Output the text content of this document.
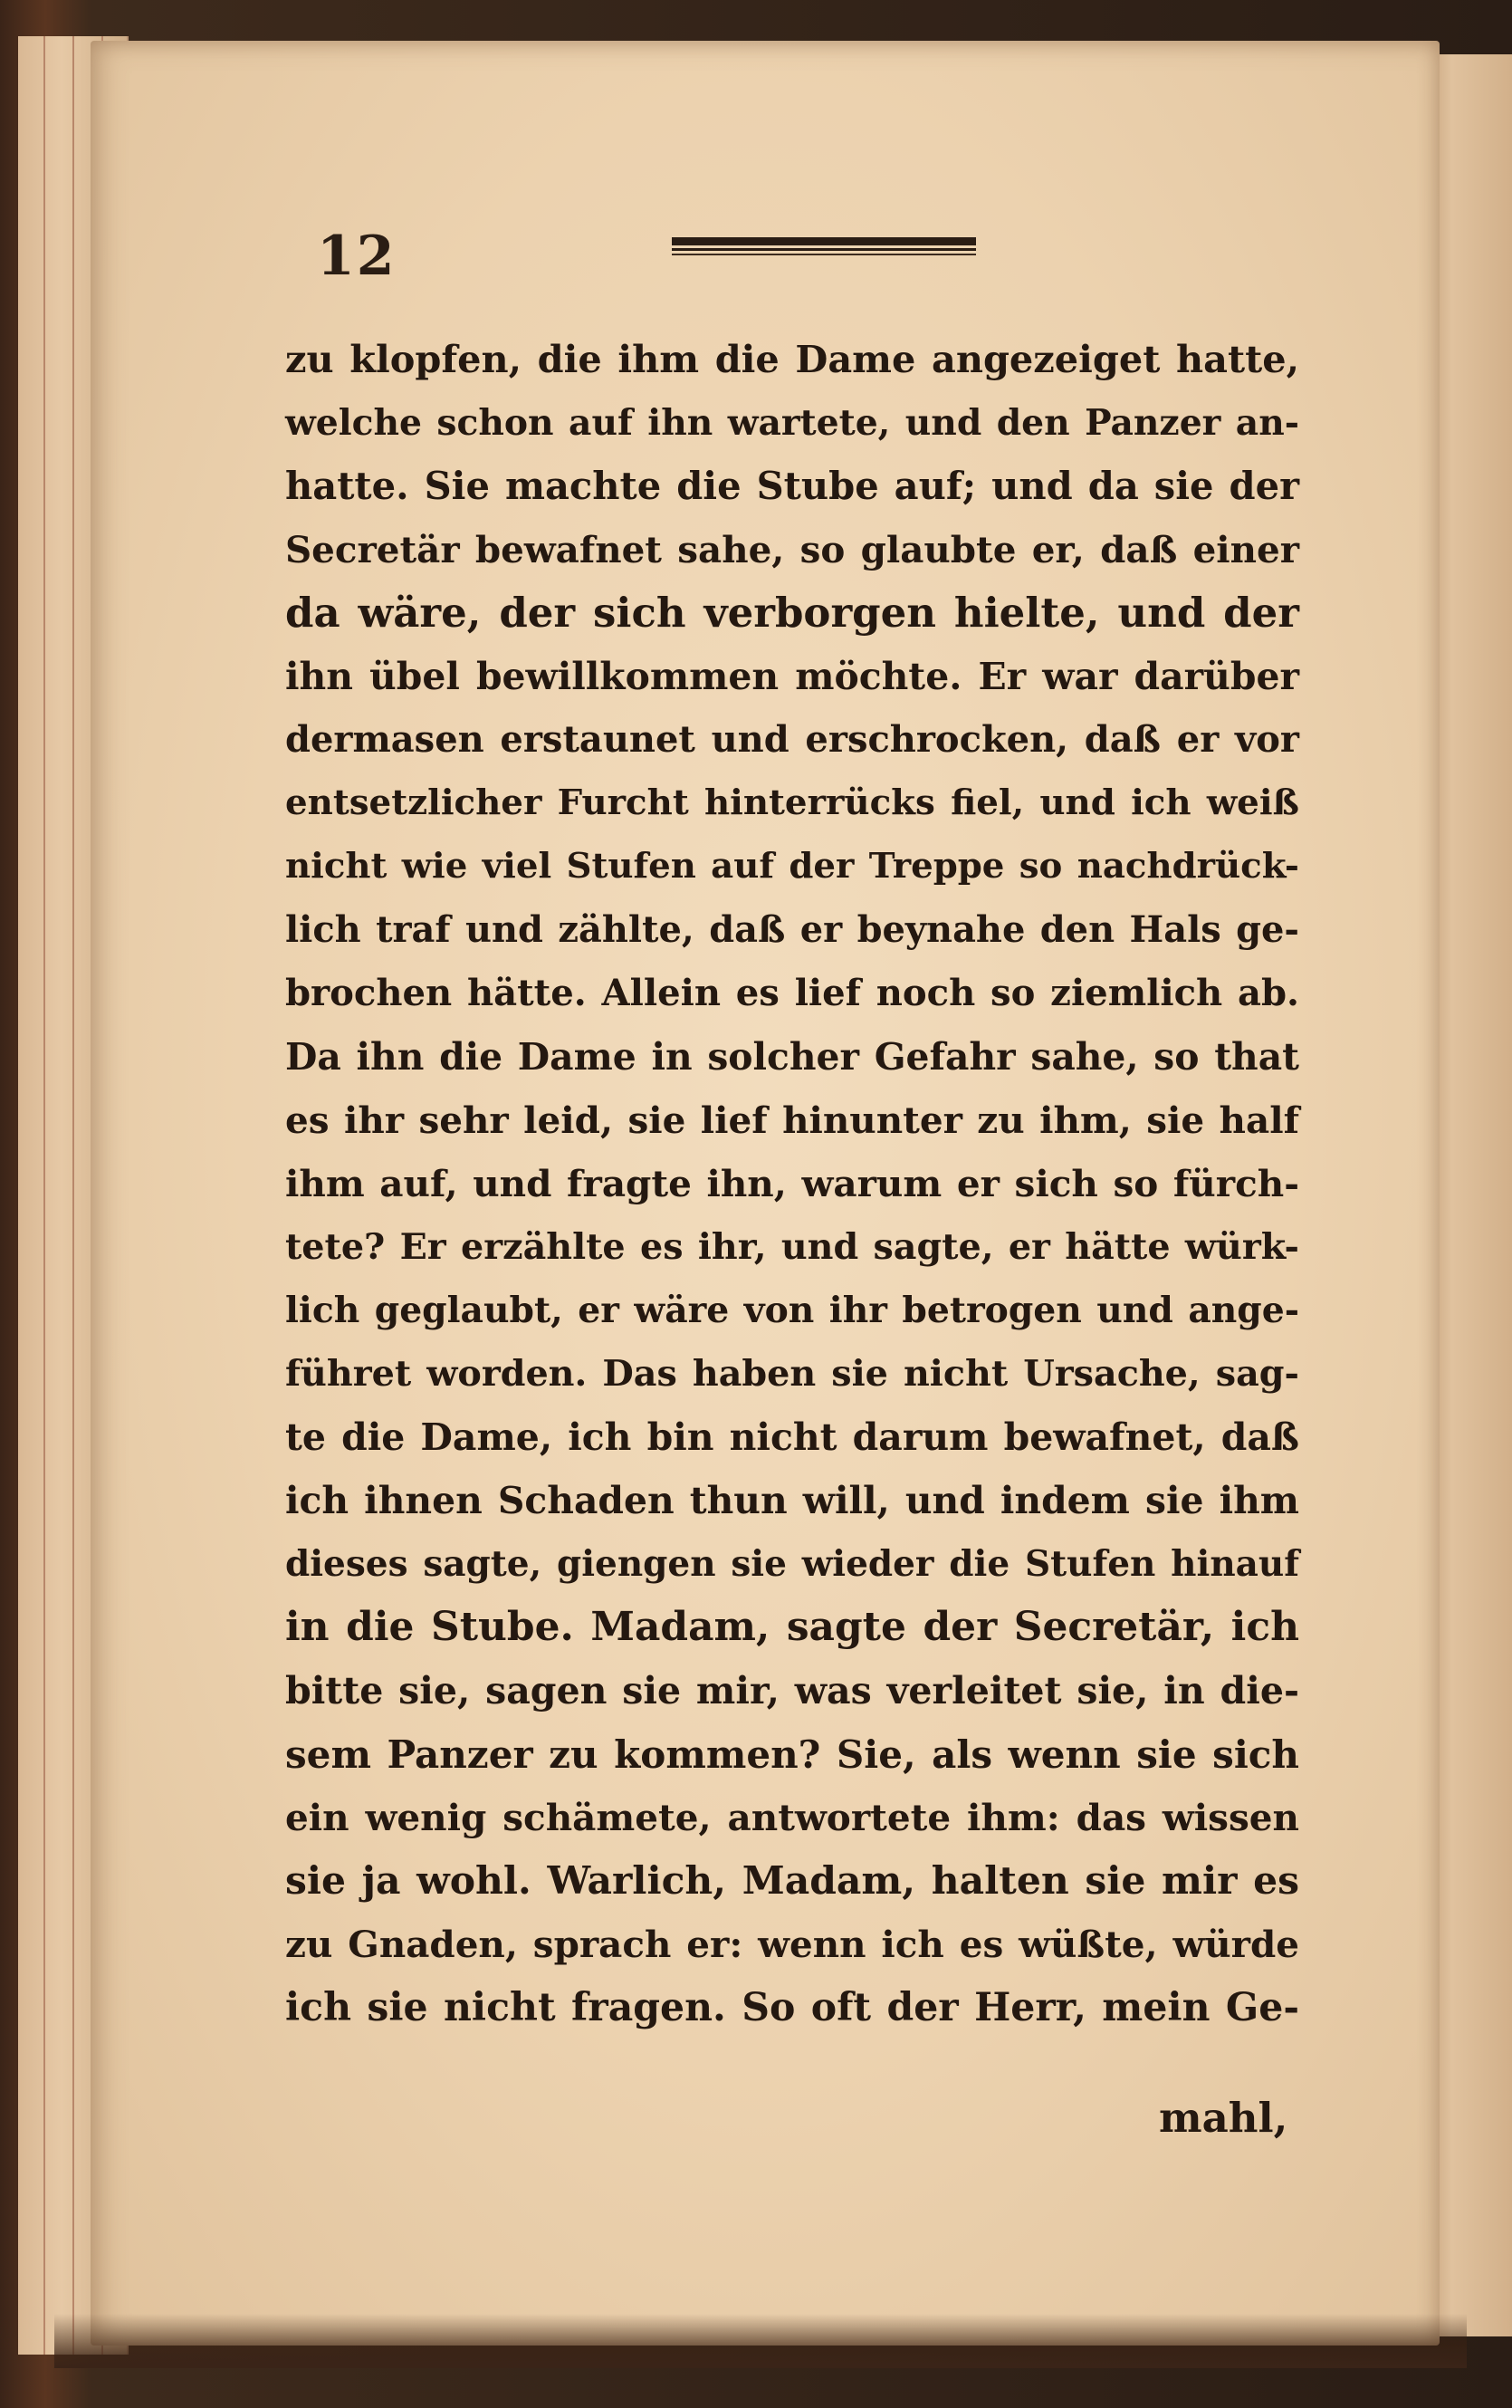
12
zu klopfen, die ihm die Dame angezeiget hatte,
welche schon auf ihn wartete, und den Panzer an-
hatte. Sie machte die Stube auf; und da sie der
Secretär bewafnet sahe, so glaubte er, daß einer
da wäre, der sich verborgen hielte, und der
ihn übel bewillkommen möchte. Er war darüber
dermasen erstaunet und erschrocken, daß er vor
entsetzlicher Furcht hinterrücks fiel, und ich weiß
nicht wie viel Stufen auf der Treppe so nachdrück-
lich traf und zählte, daß er beynahe den Hals ge-
brochen hätte. Allein es lief noch so ziemlich ab.
Da ihn die Dame in solcher Gefahr sahe, so that
es ihr sehr leid, sie lief hinunter zu ihm, sie half
ihm auf, und fragte ihn, warum er sich so fürch-
tete? Er erzählte es ihr, und sagte, er hätte würk-
lich geglaubt, er wäre von ihr betrogen und ange-
führet worden. Das haben sie nicht Ursache, sag-
te die Dame, ich bin nicht darum bewafnet, daß
ich ihnen Schaden thun will, und indem sie ihm
dieses sagte, giengen sie wieder die Stufen hinauf
in die Stube. Madam, sagte der Secretär, ich
bitte sie, sagen sie mir, was verleitet sie, in die-
sem Panzer zu kommen? Sie, als wenn sie sich
ein wenig schämete, antwortete ihm: das wissen
sie ja wohl. Warlich, Madam, halten sie mir es
zu Gnaden, sprach er: wenn ich es wüßte, würde
ich sie nicht fragen. So oft der Herr, mein Ge-
mahl,
